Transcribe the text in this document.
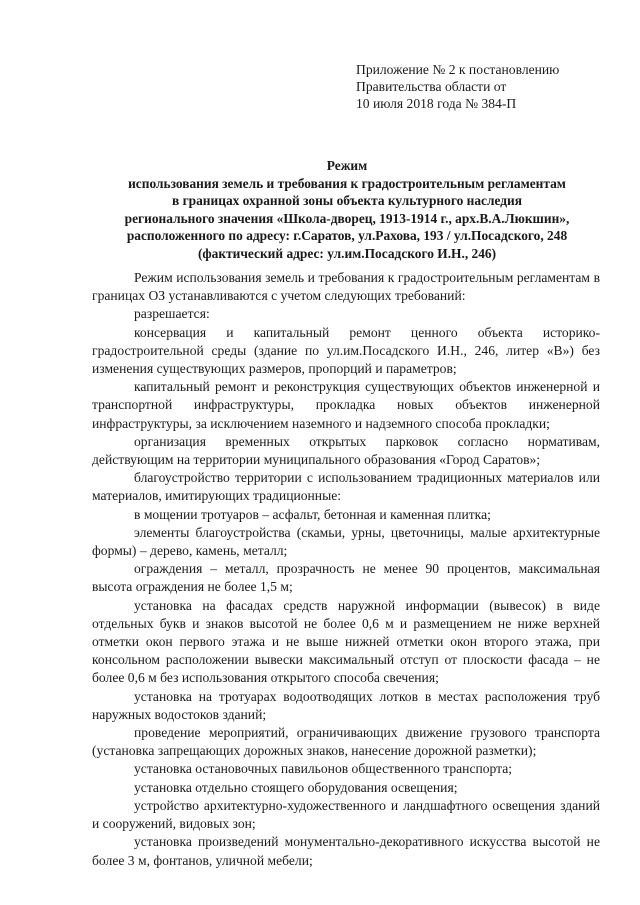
Приложение № 2 к постановлению
Правительства области от
10 июля 2018 года № 384-П
Режим
использования земель и требования к градостроительным регламентам
в границах охранной зоны объекта культурного наследия
регионального значения «Школа-дворец, 1913-1914 г., арх.В.А.Люкшин»,
расположенного по адресу: г.Саратов, ул.Рахова, 193 / ул.Посадского, 248
(фактический адрес: ул.им.Посадского И.Н., 246)

Режим использования земель и требования к градостроительным регламентам в границах ОЗ устанавливаются с учетом следующих требований:

разрешается:

консервация и капитальный ремонт ценного объекта историко-градостроительной среды (здание по ул.им.Посадского И.Н., 246, литер «В») без изменения существующих размеров, пропорций и параметров;

капитальный ремонт и реконструкция существующих объектов инженерной и транспортной инфраструктуры, прокладка новых объектов инженерной инфраструктуры, за исключением наземного и надземного способа прокладки;

организация временных открытых парковок согласно нормативам, действующим на территории муниципального образования «Город Саратов»;

благоустройство территории с использованием традиционных материалов или материалов, имитирующих традиционные:

в мощении тротуаров – асфальт, бетонная и каменная плитка;

элементы благоустройства (скамьи, урны, цветочницы, малые архитектурные формы) – дерево, камень, металл;

ограждения – металл, прозрачность не менее 90 процентов, максимальная высота ограждения не более 1,5 м;

установка на фасадах средств наружной информации (вывесок) в виде отдельных букв и знаков высотой не более 0,6 м и размещением не ниже верхней отметки окон первого этажа и не выше нижней отметки окон второго этажа, при консольном расположении вывески максимальный отступ от плоскости фасада – не более 0,6 м без использования открытого способа свечения;

установка на тротуарах водоотводящих лотков в местах расположения труб наружных водостоков зданий;

проведение мероприятий, ограничивающих движение грузового транспорта (установка запрещающих дорожных знаков, нанесение дорожной разметки);

установка остановочных павильонов общественного транспорта;

установка отдельно стоящего оборудования освещения;

устройство архитектурно-художественного и ландшафтного освещения зданий и сооружений, видовых зон;

установка произведений монументально-декоративного искусства высотой не более 3 м, фонтанов, уличной мебели;
